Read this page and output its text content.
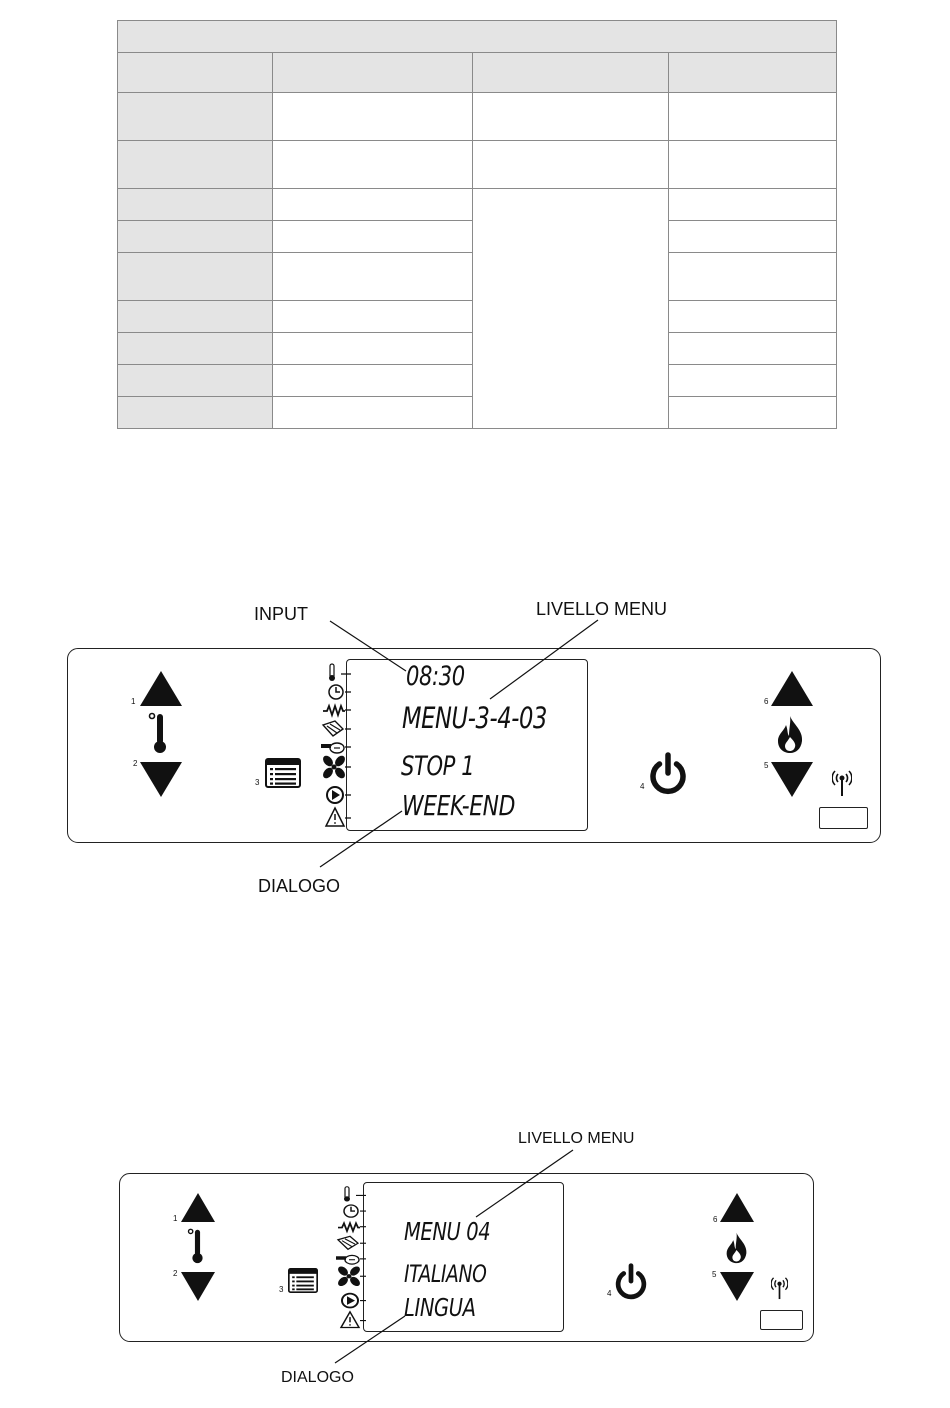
INPUT	LIVELLO MENU
DIALOGO
08:30
MENU-3-4-03
STOP 1
WEEK-END
1
2
3	4
5
6
LIVELLO MENU
DIALOGO
MENU 04
ITALIANO
LINGUA
1
2
3	4
5
6
